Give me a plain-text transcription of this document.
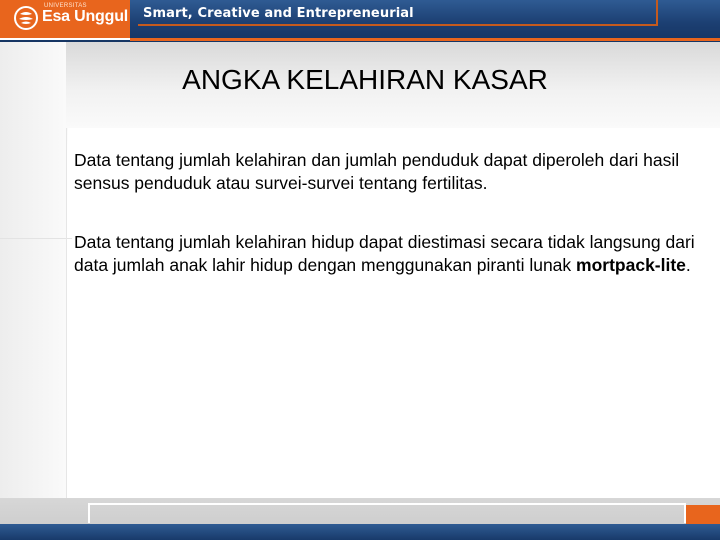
UNIVERSITAS
Esa Unggul Smart, Creative and Entrepreneurial
ANGKA KELAHIRAN KASAR
Data tentang jumlah kelahiran dan jumlah penduduk dapat diperoleh dari hasil sensus penduduk atau survei-survei tentang fertilitas.
Data tentang jumlah kelahiran hidup dapat diestimasi secara tidak langsung dari data jumlah anak lahir hidup dengan menggunakan piranti lunak mortpack-lite.
